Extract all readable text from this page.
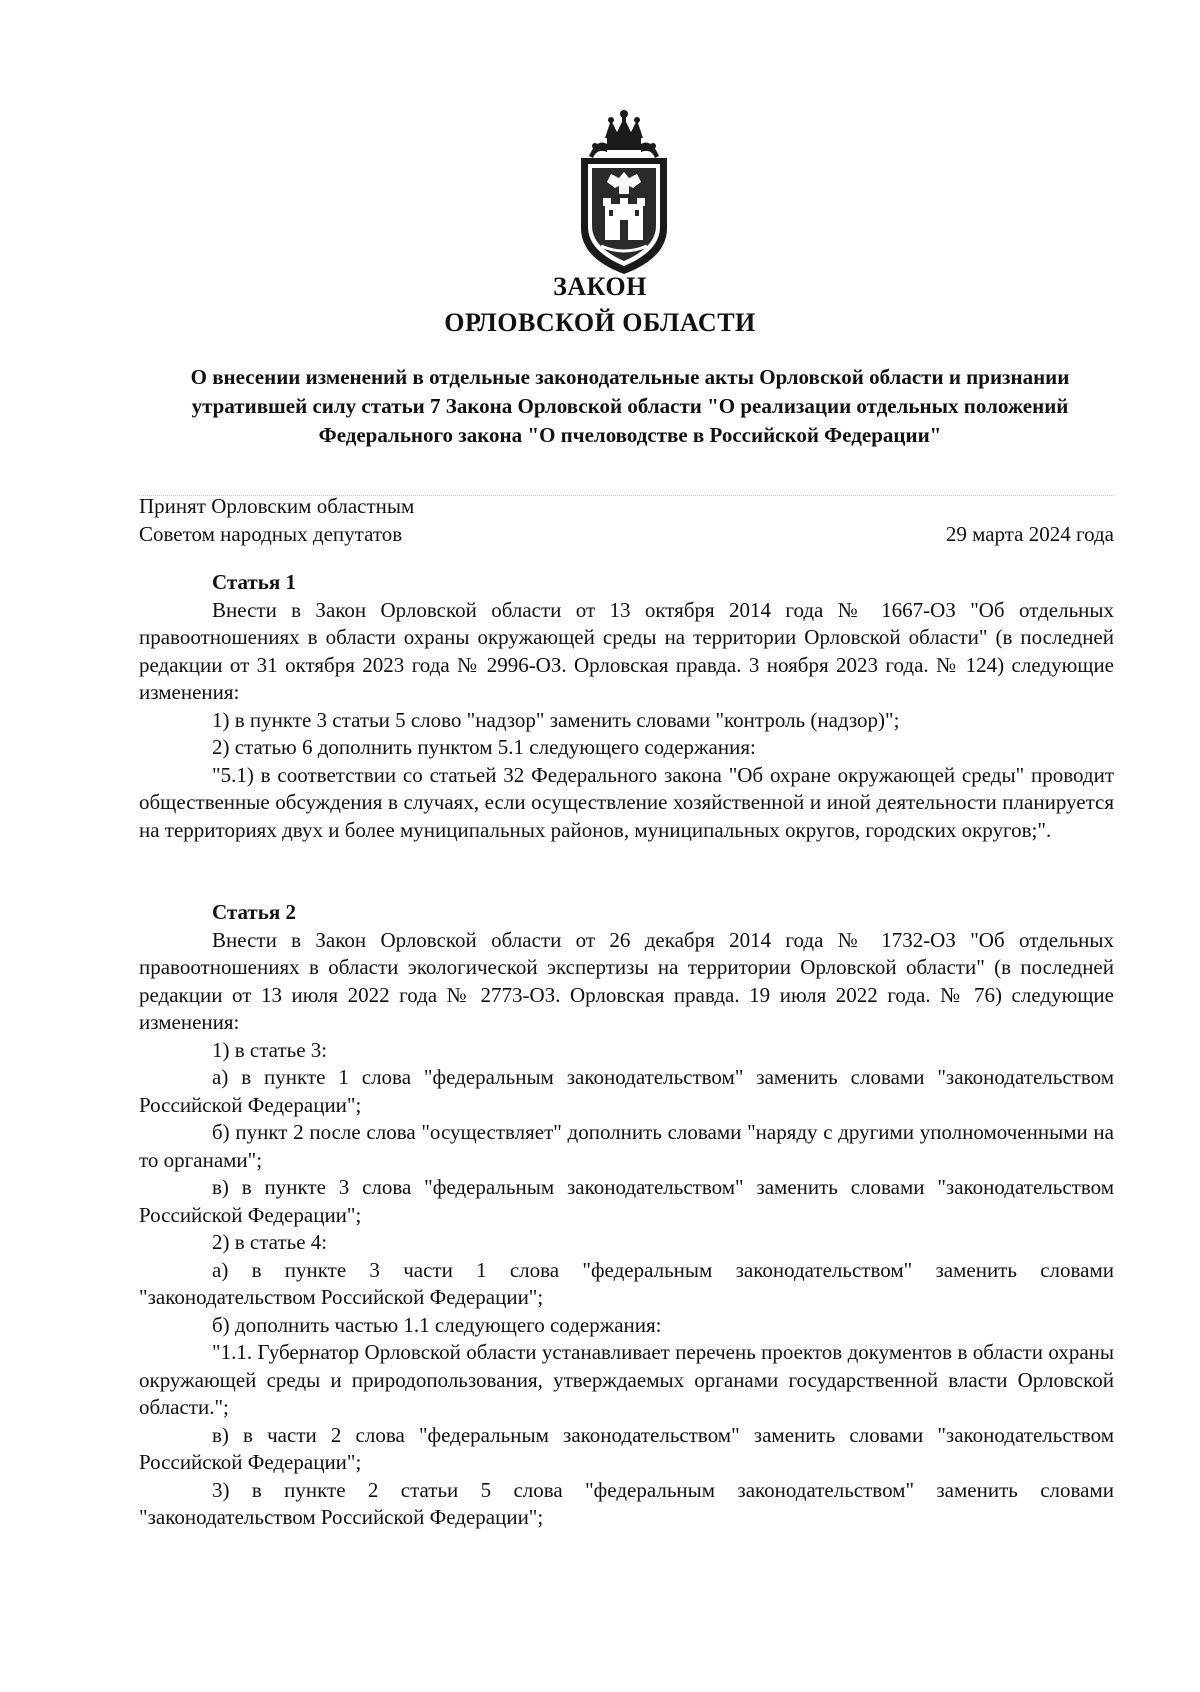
ЗАКОН
ОРЛОВСКОЙ ОБЛАСТИ
О внесении изменений в отдельные законодательные акты Орловской области и признании утратившей силу статьи 7 Закона Орловской области "О реализации отдельных положений Федерального закона "О пчеловодстве в Российской Федерации"
Принят Орловским областным
Советом народных депутатов	29 марта 2024 года

Статья 1

Внести в Закон Орловской области от 13 октября 2014 года № 1667-ОЗ "Об отдельных правоотношениях в области охраны окружающей среды на территории Орловской области" (в последней редакции от 31 октября 2023 года № 2996-ОЗ. Орловская правда. 3 ноября 2023 года. № 124) следующие изменения:

1) в пункте 3 статьи 5 слово "надзор" заменить словами "контроль (надзор)";

2) статью 6 дополнить пунктом 5.1 следующего содержания:

"5.1) в соответствии со статьей 32 Федерального закона "Об охране окружающей среды" проводит общественные обсуждения в случаях, если осуществление хозяйственной и иной деятельности планируется на территориях двух и более муниципальных районов, муниципальных округов, городских округов;".

Статья 2

Внести в Закон Орловской области от 26 декабря 2014 года № 1732-ОЗ "Об отдельных правоотношениях в области экологической экспертизы на территории Орловской области" (в последней редакции от 13 июля 2022 года № 2773-ОЗ. Орловская правда. 19 июля 2022 года. № 76) следующие изменения:

1) в статье 3:

а) в пункте 1 слова "федеральным законодательством" заменить словами "законодательством Российской Федерации";

б) пункт 2 после слова "осуществляет" дополнить словами "наряду с другими уполномоченными на то органами";

в) в пункте 3 слова "федеральным законодательством" заменить словами "законодательством Российской Федерации";

2) в статье 4:

а) в пункте 3 части 1 слова "федеральным законодательством" заменить словами "законодательством Российской Федерации";

б) дополнить частью 1.1 следующего содержания:

"1.1. Губернатор Орловской области устанавливает перечень проектов документов в области охраны окружающей среды и природопользования, утверждаемых органами государственной власти Орловской области.";

в) в части 2 слова "федеральным законодательством" заменить словами "законодательством Российской Федерации";

3) в пункте 2 статьи 5 слова "федеральным законодательством" заменить словами "законодательством Российской Федерации";
